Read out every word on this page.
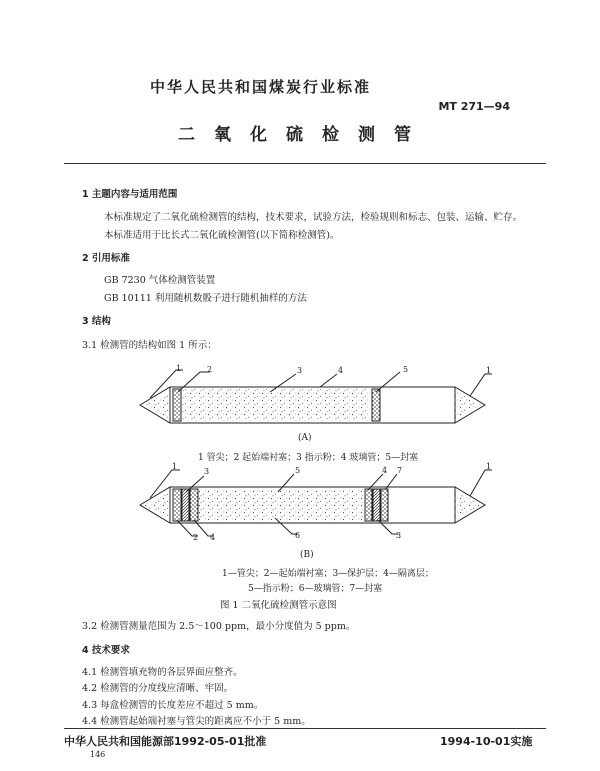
中华人民共和国煤炭行业标准
MT 271—94
二氧化硫检测管
1 主题内容与适用范围
本标准规定了二氧化硫检测管的结构，技术要求，试验方法，检验规则和标志、包装、运输、贮存。
本标准适用于比长式二氧化硫检测管(以下简称检测管)。
2 引用标准
GB 7230 气体检测管装置
GB 10111 利用随机数骰子进行随机抽样的方法
3 结构
3.1 检测管的结构如图 1 所示：
1	2	3	4	5	1
1
3	5	4 7	1
2 4	6	3
(A)
1 管尖；2 起始端衬塞；3 指示粉；4 玻璃管；5—封塞
(B)
1—管尖；2—起始端衬塞；3—保护层；4—隔离层；
5—指示粉；6—玻璃管；7—封塞
图 1 二氧化硫检测管示意图
3.2 检测管测量范围为 2.5～100 ppm，最小分度值为 5 ppm。
4 技术要求
4.1 检测管填充物的各层界面应整齐。
4.2 检测管的分度线应清晰、牢固。
4.3 每盒检测管的长度差应不超过 5 mm。
4.4 检测管起始端衬塞与管尖的距离应不小于 5 mm。
中华人民共和国能源部1992-05-01批准	1994-10-01实施
146
